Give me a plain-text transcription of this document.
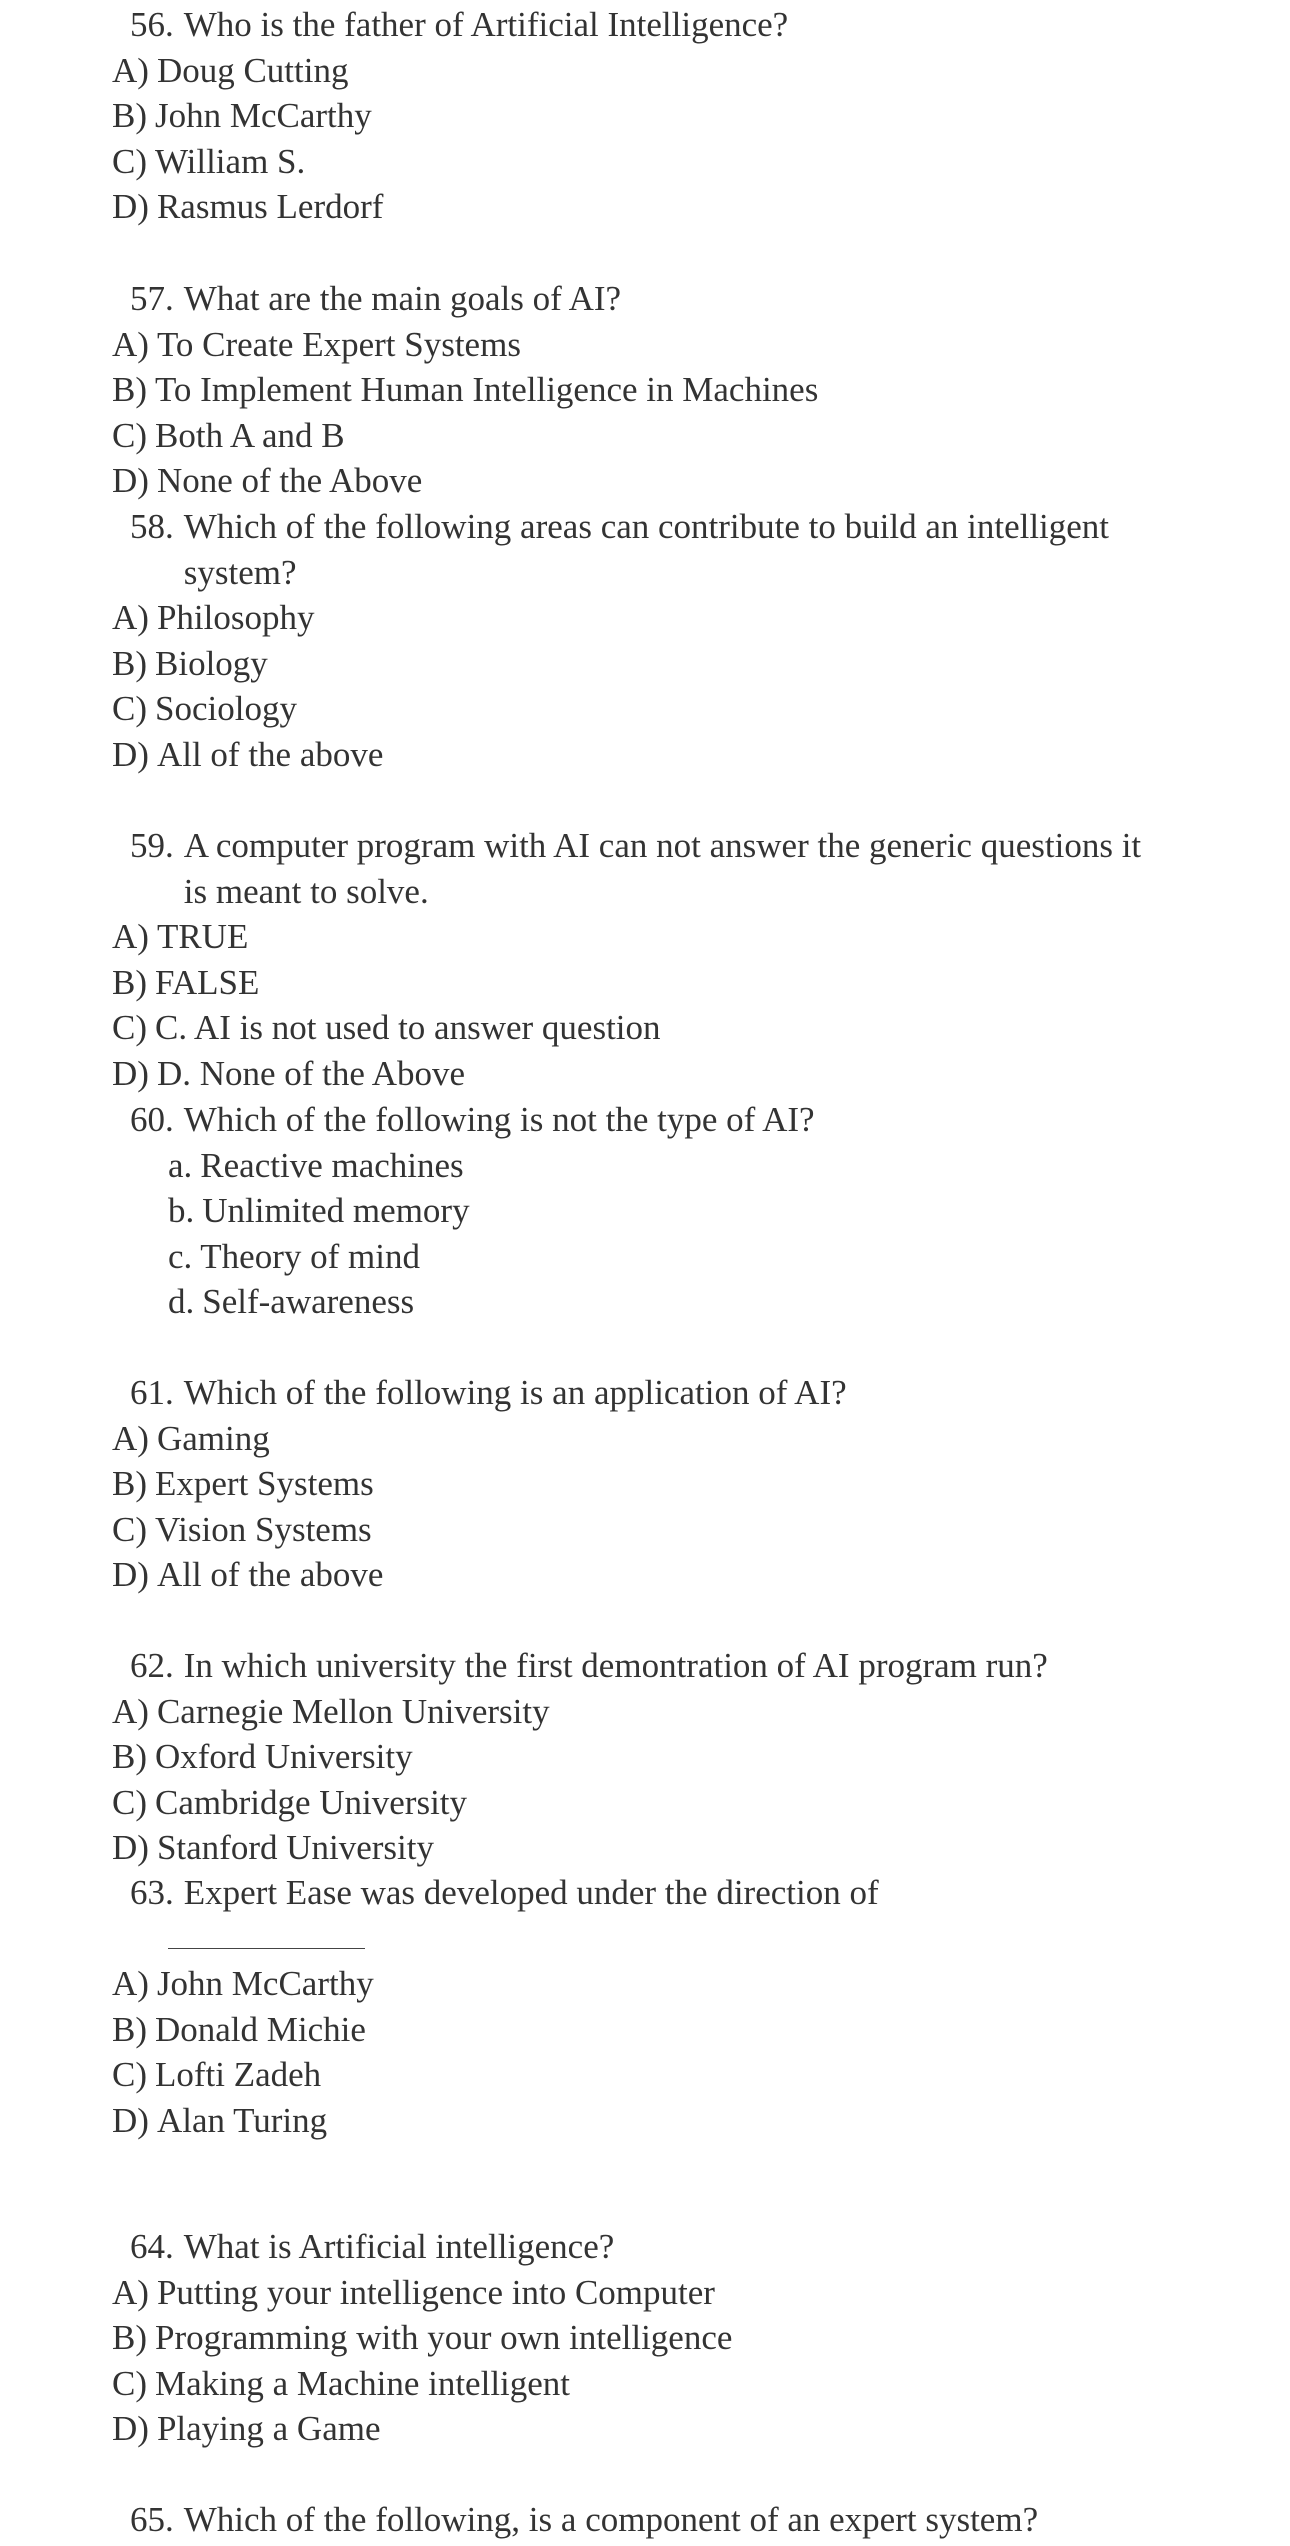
56. Who is the father of Artificial Intelligence?
A) Doug Cutting
B) John McCarthy
C) William S.
D) Rasmus Lerdorf
57. What are the main goals of AI?
A) To Create Expert Systems
B) To Implement Human Intelligence in Machines
C) Both A and B
D) None of the Above
58. Which of the following areas can contribute to build an intelligent system?
A) Philosophy
B) Biology
C) Sociology
D) All of the above
59. A computer program with AI can not answer the generic questions it is meant to solve.
A) TRUE
B) FALSE
C) C. AI is not used to answer question
D) D. None of the Above
60. Which of the following is not the type of AI?
a. Reactive machines
b. Unlimited memory
c. Theory of mind
d. Self-awareness
61. Which of the following is an application of AI?
A) Gaming
B) Expert Systems
C) Vision Systems
D) All of the above
62. In which university the first demontration of AI program run?
A) Carnegie Mellon University
B) Oxford University
C) Cambridge University
D) Stanford University
63. Expert Ease was developed under the direction of
A) John McCarthy
B) Donald Michie
C) Lofti Zadeh
D) Alan Turing
64. What is Artificial intelligence?
A) Putting your intelligence into Computer
B) Programming with your own intelligence
C) Making a Machine intelligent
D) Playing a Game
65. Which of the following, is a component of an expert system?
